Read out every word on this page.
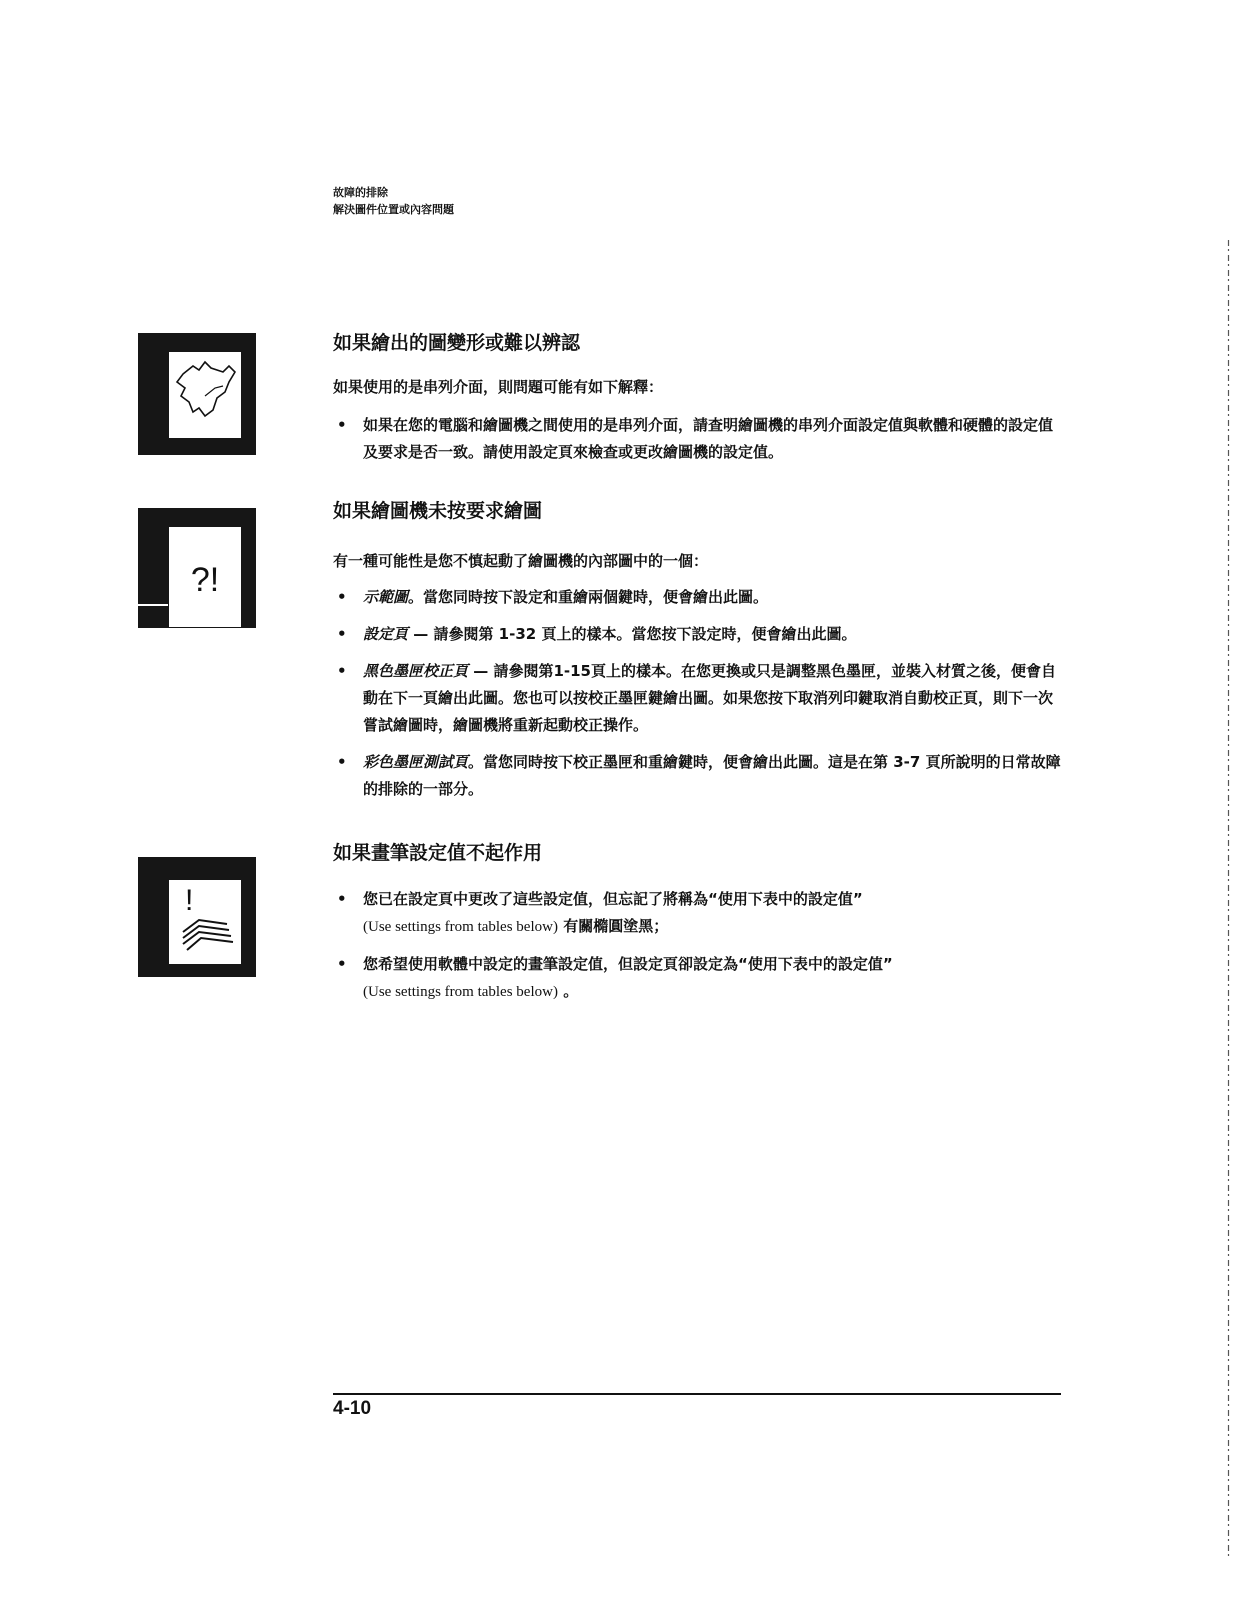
故障的排除
解決圖件位置或內容問題
如果繪出的圖變形或難以辨認

如果使用的是串列介面，則問題可能有如下解釋：

• 如果在您的電腦和繪圖機之間使用的是串列介面，請查明繪圖機的串列介面設定值與軟體和硬體的設定值及要求是否一致。請使用設定頁來檢查或更改繪圖機的設定值。
?!
如果繪圖機未按要求繪圖

有一種可能性是您不慎起動了繪圖機的內部圖中的一個：

• 示範圖。當您同時按下設定和重繪兩個鍵時，便會繪出此圖。
• 設定頁 — 請參閱第 1-32 頁上的樣本。當您按下設定時，便會繪出此圖。
• 黑色墨匣校正頁 — 請參閱第1-15頁上的樣本。在您更換或只是調整黑色墨匣，並裝入材質之後，便會自動在下一頁繪出此圖。您也可以按校正墨匣鍵繪出圖。如果您按下取消列印鍵取消自動校正頁，則下一次嘗試繪圖時，繪圖機將重新起動校正操作。
• 彩色墨匣測試頁。當您同時按下校正墨匣和重繪鍵時，便會繪出此圖。這是在第 3-7 頁所說明的日常故障的排除的一部分。
!
如果畫筆設定值不起作用
• 您已在設定頁中更改了這些設定值，但忘記了將稱為“使用下表中的設定值”
(Use settings from tables below) 有關橢圓塗黑；
• 您希望使用軟體中設定的畫筆設定值，但設定頁卻設定為“使用下表中的設定值”
(Use settings from tables below) 。
4-10
